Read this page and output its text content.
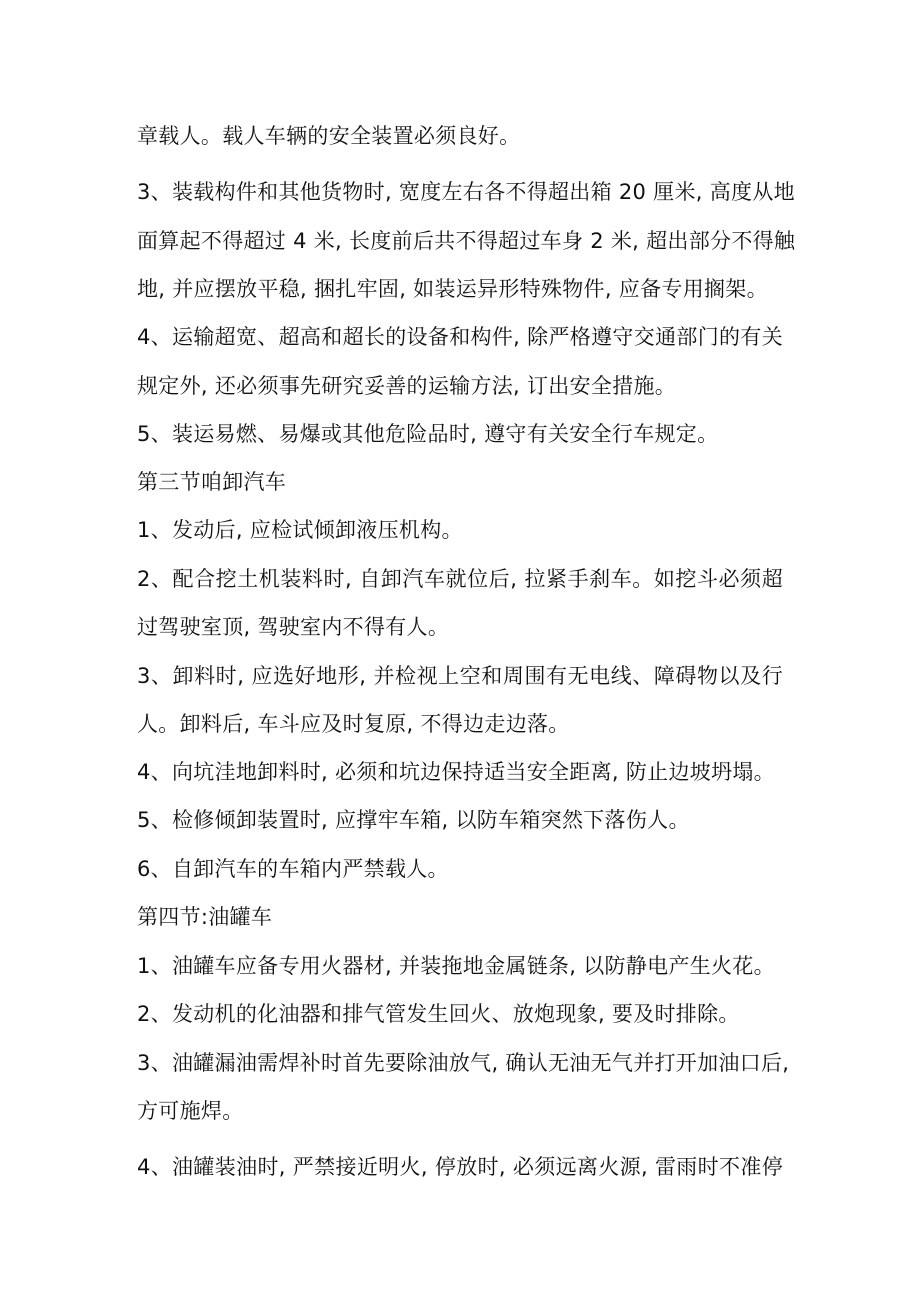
章载人。载人车辆的安全装置必须良好。
3、装载构件和其他货物时, 宽度左右各不得超出箱 20 厘米, 高度从地
面算起不得超过 4 米, 长度前后共不得超过车身 2 米, 超出部分不得触
地, 并应摆放平稳, 捆扎牢固, 如装运异形特殊物件, 应备专用搁架。
4、运输超宽、超高和超长的设备和构件, 除严格遵守交通部门的有关
规定外, 还必须事先研究妥善的运输方法, 订出安全措施。
5、装运易燃、易爆或其他危险品时, 遵守有关安全行车规定。
第三节咱卸汽车
1、发动后, 应检试倾卸液压机构。
2、配合挖土机装料时, 自卸汽车就位后, 拉紧手刹车。如挖斗必须超
过驾驶室顶, 驾驶室内不得有人。
3、卸料时, 应选好地形, 并检视上空和周围有无电线、障碍物以及行
人。卸料后, 车斗应及时复原, 不得边走边落。
4、向坑洼地卸料时, 必须和坑边保持适当安全距离, 防止边坡坍塌。
5、检修倾卸装置时, 应撑牢车箱, 以防车箱突然下落伤人。
6、自卸汽车的车箱内严禁载人。
第四节:油罐车
1、油罐车应备专用火器材, 并装拖地金属链条, 以防静电产生火花。
2、发动机的化油器和排气管发生回火、放炮现象, 要及时排除。
3、油罐漏油需焊补时首先要除油放气, 确认无油无气并打开加油口后,
方可施焊。
4、油罐装油时, 严禁接近明火, 停放时, 必须远离火源, 雷雨时不准停
